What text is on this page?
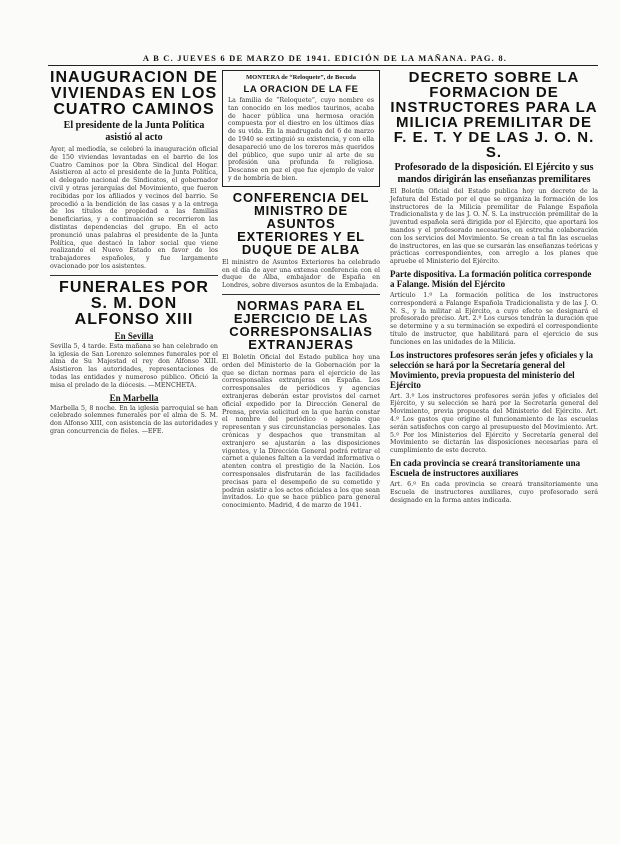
A B C. JUEVES 6 DE MARZO DE 1941. EDICIÓN DE LA MAÑANA. PAG. 8.
INAUGURACION DE VIVIENDAS EN LOS CUATRO CAMINOS
El presidente de la Junta Política asistió al acto

Ayer, al mediodía, se celebró la inauguración oficial de 150 viviendas levantadas en el barrio de los Cuatro Caminos por la Obra Sindical del Hogar. Asistieron al acto el presidente de la Junta Política, el delegado nacional de Sindicatos, el gobernador civil y otras jerarquías del Movimiento, que fueron recibidas por los afiliados y vecinos del barrio. Se procedió a la bendición de las casas y a la entrega de los títulos de propiedad a las familias beneficiarias, y a continuación se recorrieron las distintas dependencias del grupo. En el acto pronunció unas palabras el presidente de la Junta Política, que destacó la labor social que viene realizando el Nuevo Estado en favor de los trabajadores españoles, y fue largamente ovacionado por los asistentes.

FUNERALES POR S. M. DON ALFONSO XIII
En Sevilla

Sevilla 5, 4 tarde. Esta mañana se han celebrado en la iglesia de San Lorenzo solemnes funerales por el alma de Su Majestad el rey don Alfonso XIII. Asistieron las autoridades, representaciones de todas las entidades y numeroso público. Ofició la misa el prelado de la diócesis. —MENCHETA.

En Marbella

Marbella 5, 8 noche. En la iglesia parroquial se han celebrado solemnes funerales por el alma de S. M. don Alfonso XIII, con asistencia de las autoridades y gran concurrencia de fieles. —EFE.

MONTERA de “Reloquete”, de Bocuda
LA ORACION DE LA FE

La familia de “Reloquete”, cuyo nombre es tan conocido en los medios taurinos, acaba de hacer pública una hermosa oración compuesta por el diestro en los últimos días de su vida. En la madrugada del 6 de marzo de 1940 se extinguió su existencia, y con ella desapareció uno de los toreros más queridos del público, que supo unir al arte de su profesión una profunda fe religiosa. Descanse en paz el que fue ejemplo de valor y de hombría de bien.

CONFERENCIA DEL MINISTRO DE ASUNTOS EXTERIORES Y EL DUQUE DE ALBA

El ministro de Asuntos Exteriores ha celebrado en el día de ayer una extensa conferencia con el duque de Alba, embajador de España en Londres, sobre diversos asuntos de la Embajada.

NORMAS PARA EL EJERCICIO DE LAS CORRESPONSALIAS EXTRANJERAS

El Boletín Oficial del Estado publica hoy una orden del Ministerio de la Gobernación por la que se dictan normas para el ejercicio de las corresponsalías extranjeras en España. Los corresponsales de periódicos y agencias extranjeras deberán estar provistos del carnet oficial expedido por la Dirección General de Prensa, previa solicitud en la que harán constar el nombre del periódico o agencia que representan y sus circunstancias personales. Las crónicas y despachos que transmitan al extranjero se ajustarán a las disposiciones vigentes, y la Dirección General podrá retirar el carnet a quienes falten a la verdad informativa o atenten contra el prestigio de la Nación. Los corresponsales disfrutarán de las facilidades precisas para el desempeño de su cometido y podrán asistir a los actos oficiales a los que sean invitados. Lo que se hace público para general conocimiento. Madrid, 4 de marzo de 1941.

DECRETO SOBRE LA FORMACION DE INSTRUCTORES PARA LA MILICIA PREMILITAR DE F. E. T. Y DE LAS J. O. N. S.
Profesorado de la disposición. El Ejército y sus mandos dirigirán las enseñanzas premilitares

El Boletín Oficial del Estado publica hoy un decreto de la Jefatura del Estado por el que se organiza la formación de los instructores de la Milicia premilitar de Falange Española Tradicionalista y de las J. O. N. S. La instrucción premilitar de la juventud española será dirigida por el Ejército, que aportará los mandos y el profesorado necesarios, en estrecha colaboración con los servicios del Movimiento. Se crean a tal fin las escuelas de instructores, en las que se cursarán las enseñanzas teóricas y prácticas correspondientes, con arreglo a los planes que apruebe el Ministerio del Ejército.

Parte dispositiva. La formación política corresponde a Falange. Misión del Ejército

Artículo 1.º La formación política de los instructores corresponderá a Falange Española Tradicionalista y de las J. O. N. S., y la militar al Ejército, a cuyo efecto se designará el profesorado preciso. Art. 2.º Los cursos tendrán la duración que se determine y a su terminación se expedirá el correspondiente título de instructor, que habilitará para el ejercicio de sus funciones en las unidades de la Milicia.

Los instructores profesores serán jefes y oficiales y la selección se hará por la Secretaría general del Movimiento, previa propuesta del ministerio del Ejército

Art. 3.º Los instructores profesores serán jefes y oficiales del Ejército, y su selección se hará por la Secretaría general del Movimiento, previa propuesta del Ministerio del Ejército. Art. 4.º Los gastos que origine el funcionamiento de las escuelas serán satisfechos con cargo al presupuesto del Movimiento. Art. 5.º Por los Ministerios del Ejército y Secretaría general del Movimiento se dictarán las disposiciones necesarias para el cumplimiento de este decreto.

En cada provincia se creará transitoriamente una Escuela de instructores auxiliares

Art. 6.º En cada provincia se creará transitoriamente una Escuela de instructores auxiliares, cuyo profesorado será designado en la forma antes indicada.
